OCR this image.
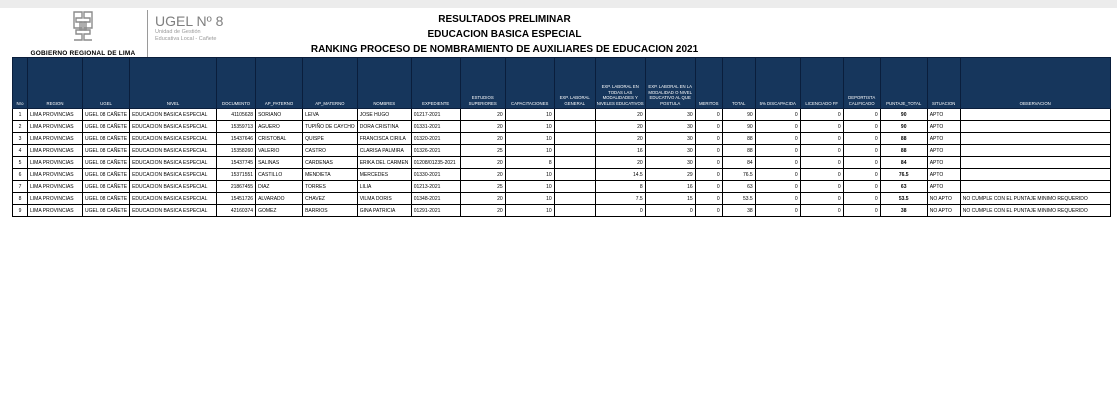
GOBIERNO REGIONAL DE LIMA
UGEL Nº 8
Unidad de Gestión
Educativa Local - Cañete
RESULTADOS PRELIMINAR
EDUCACION BASICA ESPECIAL
RANKING PROCESO DE NOMBRAMIENTO DE AUXILIARES DE EDUCACION 2021
Nro	REGION	UGEL	NIVEL	DOCUMENTO	AP_PATERNO	AP_MATERNO	NOMBRES	EXPEDIENTE	ESTUDIOS SUPERIORES	CAPACITACIONES	EXP. LABORAL GENERAL	EXP. LABORAL EN TODAS LAS MODALIDADES Y NIVELES EDUCATIVOS	EXP. LABORAL EN LA MODALIDAD O NIVEL EDUCATIVO AL QUE POSTULA	MERITOS	TOTAL	5% DISCAPACIDA	LICENCIADO FF	DEPORTISTA CALIFICADO	PUNTAJE_TOTAL	SITUACION	OBSERVACION
1	LIMA PROVINCIAS	UGEL 08 CAÑETE	EDUCACION BASICA ESPECIAL	41105628	SORIANO	LEIVA	JOSE HUGO	01217-2021	20	10		20	30	0	90	0	0	0	90	APTO	
2	LIMA PROVINCIAS	UGEL 08 CAÑETE	EDUCACION BASICA ESPECIAL	15359713	AGUERO	TUPIÑO DE CAYCHO	DORA CRISTINA	01331-2021	20	10		20	30	0	90	0	0	0	90	APTO	
3	LIMA PROVINCIAS	UGEL 08 CAÑETE	EDUCACION BASICA ESPECIAL	15437646	CRISTOBAL	QUISPE	FRANCISCA CIRILA	01320-2021	20	10		20	30	0	88	0	0	0	88	APTO	
4	LIMA PROVINCIAS	UGEL 08 CAÑETE	EDUCACION BASICA ESPECIAL	15358260	VALERIO	CASTRO	CLARISA PALMIRA	01326-2021	25	10		16	30	0	88	0	0	0	88	APTO	
5	LIMA PROVINCIAS	UGEL 08 CAÑETE	EDUCACION BASICA ESPECIAL	15437745	SALINAS	CARDENAS	ERIKA DEL CARMEN	01208/01235-2021	20	8		20	30	0	84	0	0	0	84	APTO	
6	LIMA PROVINCIAS	UGEL 08 CAÑETE	EDUCACION BASICA ESPECIAL	15371551	CASTILLO	MENDIETA	MERCEDES	01330-2021	20	10		14.5	29	0	76.5	0	0	0	76.5	APTO	
7	LIMA PROVINCIAS	UGEL 08 CAÑETE	EDUCACION BASICA ESPECIAL	21867455	DIAZ	TORRES	LILIA	01213-2021	25	10		8	16	0	63	0	0	0	63	APTO	
8	LIMA PROVINCIAS	UGEL 08 CAÑETE	EDUCACION BASICA ESPECIAL	15451726	ALVARADO	CHAVEZ	VILMA DORIS	01348-2021	20	10		7.5	15	0	53.5	0	0	0	53.5	NO APTO	NO CUMPLE CON EL PUNTAJE MINIMO REQUERIDO
9	LIMA PROVINCIAS	UGEL 08 CAÑETE	EDUCACION BASICA ESPECIAL	42160374	GOMEZ	BARRIOS	GINA PATRICIA	01291-2021	20	10		0	0	0	38	0	0	0	38	NO APTO	NO CUMPLE CON EL PUNTAJE MINIMO REQUERIDO
